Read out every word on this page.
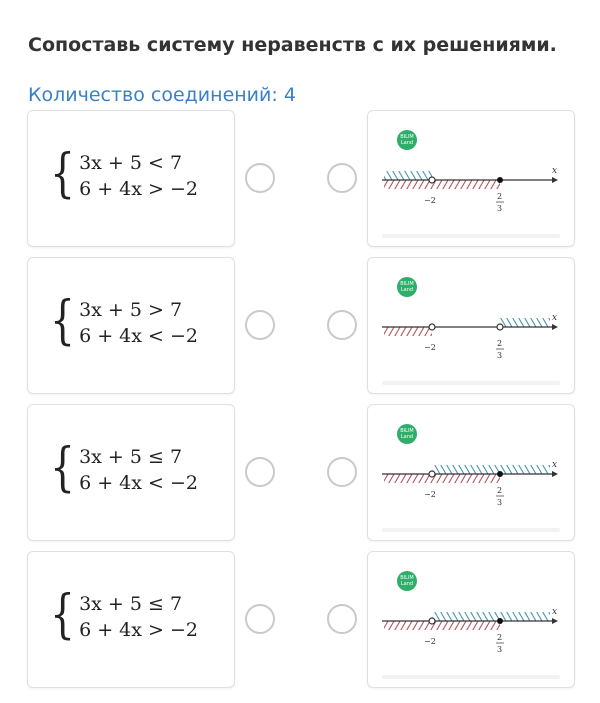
Сопоставь систему неравенств с их решениями.
Количество соединений: 4
{ 3x + 5 < 7
6 + 4x > −2
BILIM Land
x
−2	2
3
{ 3x + 5 > 7
6 + 4x < −2
BILIM Land
x
−2	2
3
{ 3x + 5 ≤ 7
6 + 4x < −2
BILIM Land
x
−2	2
3
{ 3x + 5 ≤ 7
6 + 4x > −2
BILIM Land
x
−2	2
3
